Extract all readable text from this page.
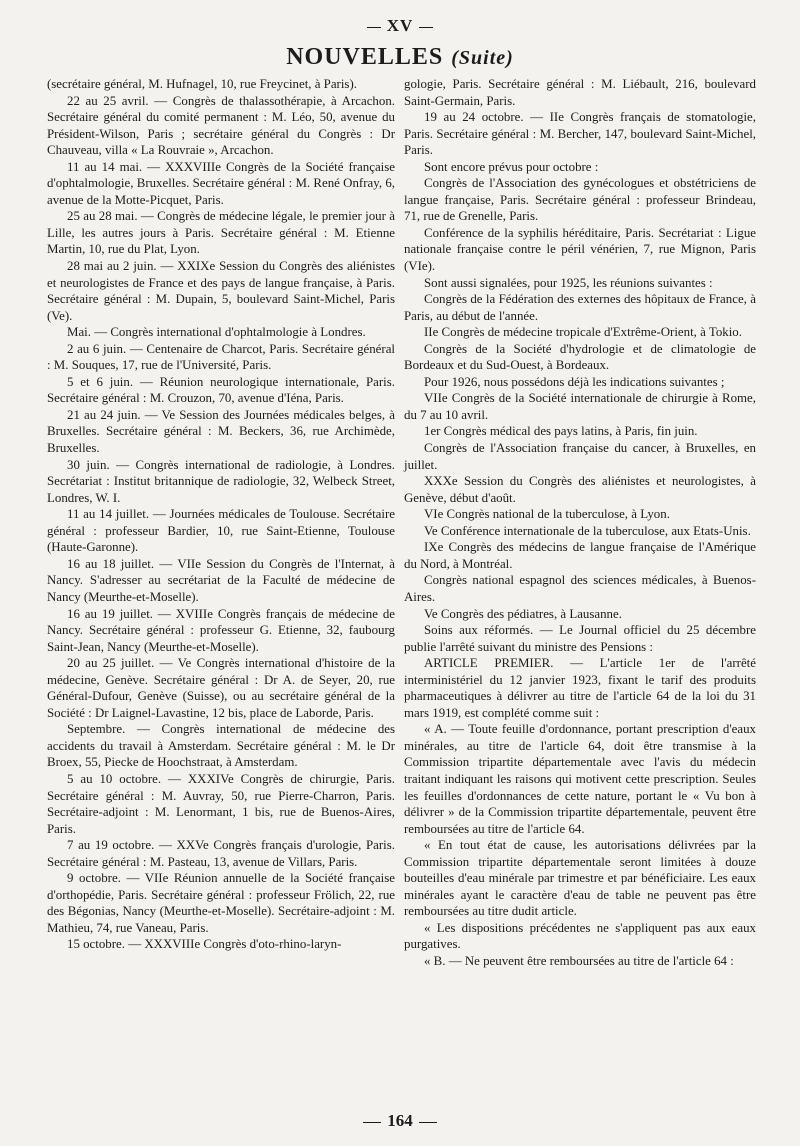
XV
NOUVELLES (Suite)

(secrétaire général, M. Hufnagel, 10, rue Freycinet, à Paris).

22 au 25 avril. — Congrès de thalassothérapie, à Arcachon. Secrétaire général du comité permanent : M. Léo, 50, avenue du Président-Wilson, Paris ; secrétaire général du Congrès : Dr Chauveau, villa « La Rouvraie », Arcachon.

11 au 14 mai. — XXXVIIIe Congrès de la Société française d'ophtalmologie, Bruxelles. Secrétaire général : M. René Onfray, 6, avenue de la Motte-Picquet, Paris.

25 au 28 mai. — Congrès de médecine légale, le premier jour à Lille, les autres jours à Paris. Secrétaire général : M. Etienne Martin, 10, rue du Plat, Lyon.

28 mai au 2 juin. — XXIXe Session du Congrès des aliénistes et neurologistes de France et des pays de langue française, à Paris. Secrétaire général : M. Dupain, 5, boulevard Saint-Michel, Paris (Ve).

Mai. — Congrès international d'ophtalmologie à Londres.

2 au 6 juin. — Centenaire de Charcot, Paris. Secrétaire général : M. Souques, 17, rue de l'Université, Paris.

5 et 6 juin. — Réunion neurologique internationale, Paris. Secrétaire général : M. Crouzon, 70, avenue d'Iéna, Paris.

21 au 24 juin. — Ve Session des Journées médicales belges, à Bruxelles. Secrétaire général : M. Beckers, 36, rue Archimède, Bruxelles.

30 juin. — Congrès international de radiologie, à Londres. Secrétariat : Institut britannique de radiologie, 32, Welbeck Street, Londres, W. I.

11 au 14 juillet. — Journées médicales de Toulouse. Secrétaire général : professeur Bardier, 10, rue Saint-Etienne, Toulouse (Haute-Garonne).

16 au 18 juillet. — VIIe Session du Congrès de l'Internat, à Nancy. S'adresser au secrétariat de la Faculté de médecine de Nancy (Meurthe-et-Moselle).

16 au 19 juillet. — XVIIIe Congrès français de médecine de Nancy. Secrétaire général : professeur G. Etienne, 32, faubourg Saint-Jean, Nancy (Meurthe-et-Moselle).

20 au 25 juillet. — Ve Congrès international d'histoire de la médecine, Genève. Secrétaire général : Dr A. de Seyer, 20, rue Général-Dufour, Genève (Suisse), ou au secrétaire général de la Société : Dr Laignel-Lavastine, 12 bis, place de Laborde, Paris.

Septembre. — Congrès international de médecine des accidents du travail à Amsterdam. Secrétaire général : M. le Dr Broex, 55, Piecke de Hoochstraat, à Amsterdam.

5 au 10 octobre. — XXXIVe Congrès de chirurgie, Paris. Secrétaire général : M. Auvray, 50, rue Pierre-Charron, Paris. Secrétaire-adjoint : M. Lenormant, 1 bis, rue de Buenos-Aires, Paris.

7 au 19 octobre. — XXVe Congrès français d'urologie, Paris. Secrétaire général : M. Pasteau, 13, avenue de Villars, Paris.

9 octobre. — VIIe Réunion annuelle de la Société française d'orthopédie, Paris. Secrétaire général : professeur Frölich, 22, rue des Bégonias, Nancy (Meurthe-et-Moselle). Secrétaire-adjoint : M. Mathieu, 74, rue Vaneau, Paris.

15 octobre. — XXXVIIIe Congrès d'oto-rhino-laryn-

gologie, Paris. Secrétaire général : M. Liébault, 216, boulevard Saint-Germain, Paris.

19 au 24 octobre. — IIe Congrès français de stomatologie, Paris. Secrétaire général : M. Bercher, 147, boulevard Saint-Michel, Paris.

Sont encore prévus pour octobre :

Congrès de l'Association des gynécologues et obstétriciens de langue française, Paris. Secrétaire général : professeur Brindeau, 71, rue de Grenelle, Paris.

Conférence de la syphilis héréditaire, Paris. Secrétariat : Ligue nationale française contre le péril vénérien, 7, rue Mignon, Paris (VIe).

Sont aussi signalées, pour 1925, les réunions suivantes :

Congrès de la Fédération des externes des hôpitaux de France, à Paris, au début de l'année.

IIe Congrès de médecine tropicale d'Extrême-Orient, à Tokio.

Congrès de la Société d'hydrologie et de climatologie de Bordeaux et du Sud-Ouest, à Bordeaux.

Pour 1926, nous possédons déjà les indications suivantes ;

VIIe Congrès de la Société internationale de chirurgie à Rome, du 7 au 10 avril.

1er Congrès médical des pays latins, à Paris, fin juin.

Congrès de l'Association française du cancer, à Bruxelles, en juillet.

XXXe Session du Congrès des aliénistes et neurologistes, à Genève, début d'août.

VIe Congrès national de la tuberculose, à Lyon.

Ve Conférence internationale de la tuberculose, aux Etats-Unis.

IXe Congrès des médecins de langue française de l'Amérique du Nord, à Montréal.

Congrès national espagnol des sciences médicales, à Buenos-Aires.

Ve Congrès des pédiatres, à Lausanne.

Soins aux réformés. — Le Journal officiel du 25 décembre publie l'arrêté suivant du ministre des Pensions :

ARTICLE PREMIER. — L'article 1er de l'arrêté interministériel du 12 janvier 1923, fixant le tarif des produits pharmaceutiques à délivrer au titre de l'article 64 de la loi du 31 mars 1919, est complété comme suit :

« A. — Toute feuille d'ordonnance, portant prescription d'eaux minérales, au titre de l'article 64, doit être transmise à la Commission tripartite départementale avec l'avis du médecin traitant indiquant les raisons qui motivent cette prescription. Seules les feuilles d'ordonnances de cette nature, portant le « Vu bon à délivrer » de la Commission tripartite départementale, peuvent être remboursées au titre de l'article 64.

« En tout état de cause, les autorisations délivrées par la Commission tripartite départementale seront limitées à douze bouteilles d'eau minérale par trimestre et par bénéficiaire. Les eaux minérales ayant le caractère d'eau de table ne peuvent pas être remboursées au titre dudit article.

« Les dispositions précédentes ne s'appliquent pas aux eaux purgatives.

« B. — Ne peuvent être remboursées au titre de l'article 64 :

164
